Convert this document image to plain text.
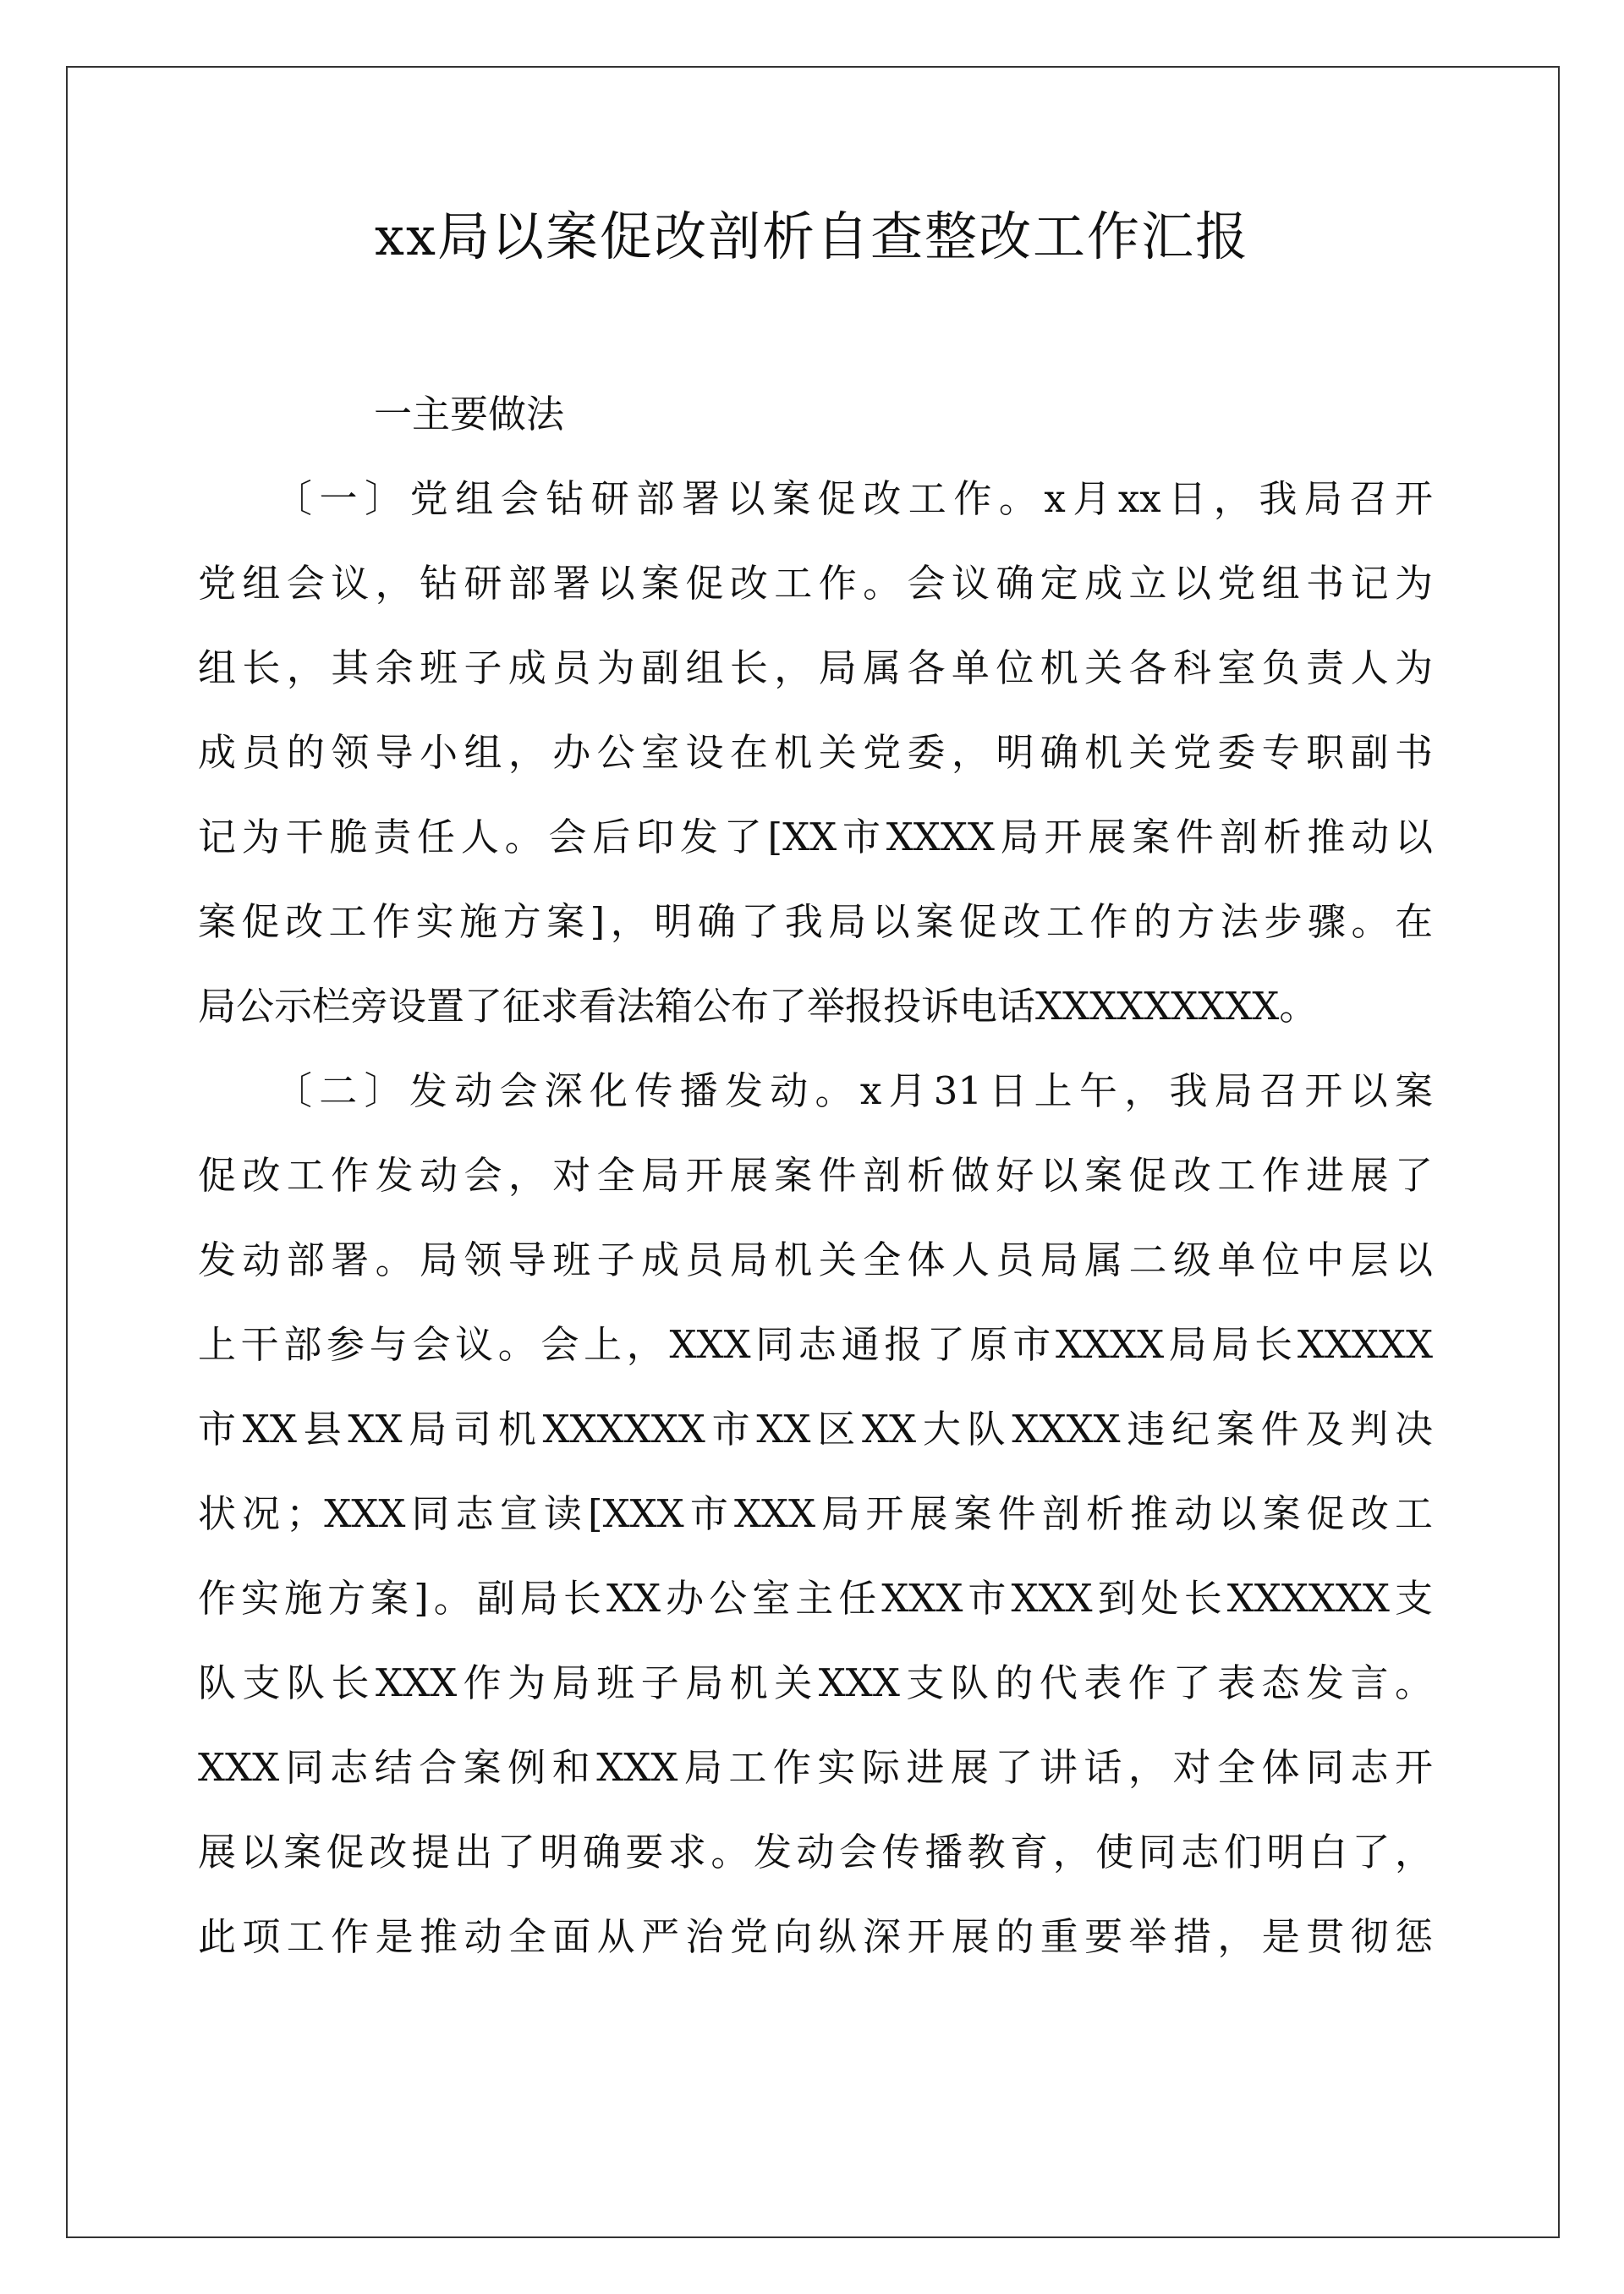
xx局以案促改剖析自查整改工作汇报
一主要做法
〔一〕党组会钻研部署以案促改工作。x月xx日，我局召开
党组会议，钻研部署以案促改工作。会议确定成立以党组书记为
组长，其余班子成员为副组长，局属各单位机关各科室负责人为
成员的领导小组，办公室设在机关党委，明确机关党委专职副书
记为干脆责任人。会后印发了[XX市XXXX局开展案件剖析推动以
案促改工作实施方案]，明确了我局以案促改工作的方法步骤。在
局公示栏旁设置了征求看法箱公布了举报投诉电话XXXXXXXXX。
〔二〕发动会深化传播发动。x月31日上午，我局召开以案
促改工作发动会，对全局开展案件剖析做好以案促改工作进展了
发动部署。局领导班子成员局机关全体人员局属二级单位中层以
上干部参与会议。会上，XXX同志通报了原市XXXX局局长XXXXX
市XX县XX局司机XXXXXX市XX区XX大队XXXX违纪案件及判决
状况；XXX同志宣读[XXX市XXX局开展案件剖析推动以案促改工
作实施方案]。副局长XX办公室主任XXX市XXX到处长XXXXXX支
队支队长XXX作为局班子局机关XXX支队的代表作了表态发言。
XXX同志结合案例和XXX局工作实际进展了讲话，对全体同志开
展以案促改提出了明确要求。发动会传播教育，使同志们明白了，
此项工作是推动全面从严治党向纵深开展的重要举措，是贯彻惩
